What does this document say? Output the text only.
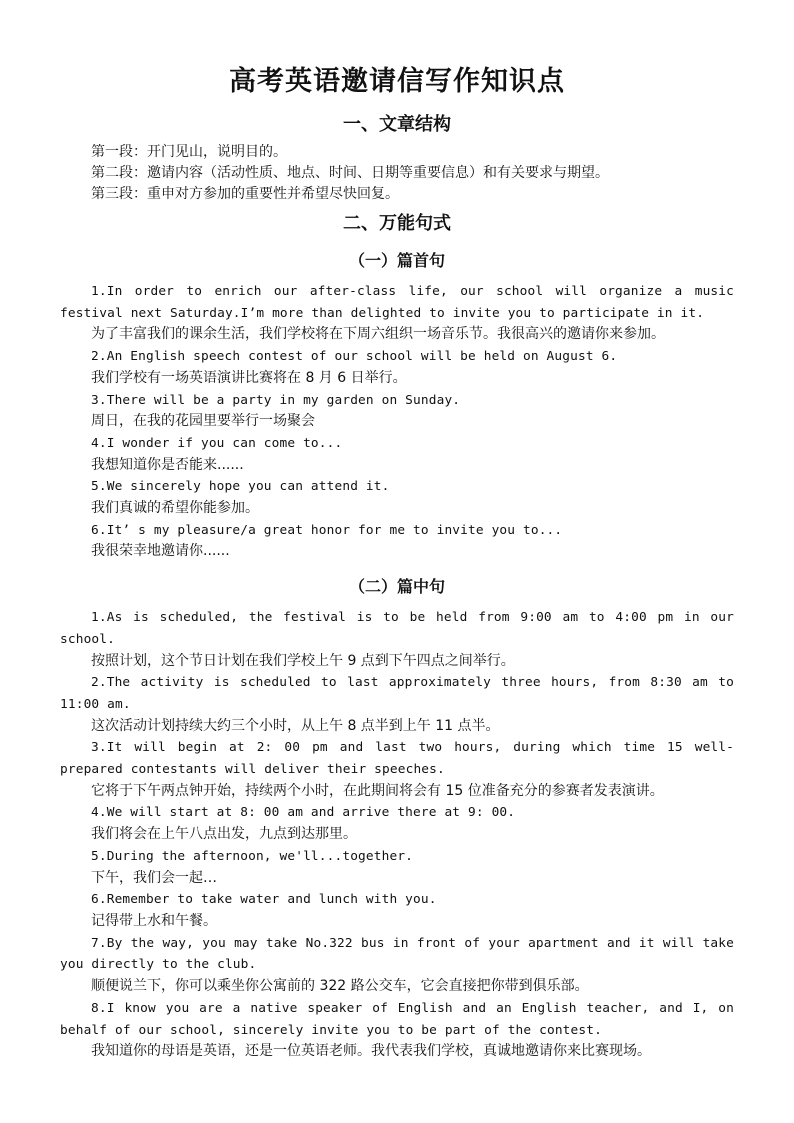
高考英语邀请信写作知识点
一、文章结构

第一段：开门见山，说明目的。

第二段：邀请内容（活动性质、地点、时间、日期等重要信息）和有关要求与期望。

第三段：重申对方参加的重要性并希望尽快回复。

二、万能句式
（一）篇首句

1.In order to enrich our after-class life, our school will organize a music festival next Saturday.I’m more than delighted to invite you to participate in it.

为了丰富我们的课余生活，我们学校将在下周六组织一场音乐节。我很高兴的邀请你来参加。

2.An English speech contest of our school will be held on August 6.

我们学校有一场英语演讲比赛将在 8 月 6 日举行。

3.There will be a party in my garden on Sunday.

周日，在我的花园里要举行一场聚会

4.I wonder if you can come to...

我想知道你是否能来......

5.We sincerely hope you can attend it.

我们真诚的希望你能参加。

6.It’ s my pleasure/a great honor for me to invite you to...

我很荣幸地邀请你......

（二）篇中句

1.As is scheduled, the festival is to be held from 9:00 am to 4:00 pm in our school.

按照计划，这个节日计划在我们学校上午 9 点到下午四点之间举行。

2.The activity is scheduled to last approximately three hours, from 8:30 am to 11:00 am.

这次活动计划持续大约三个小时，从上午 8 点半到上午 11 点半。

3.It will begin at 2: 00 pm and last two hours, during which time 15 well-prepared contestants will deliver their speeches.

它将于下午两点钟开始，持续两个小时，在此期间将会有 15 位准备充分的参赛者发表演讲。

4.We will start at 8: 00 am and arrive there at 9: 00.

我们将会在上午八点出发，九点到达那里。

5.During the afternoon, we'll...together.

下午，我们会一起…

6.Remember to take water and lunch with you.

记得带上水和午餐。

7.By the way, you may take No.322 bus in front of your apartment and it will take you directly to the club.

顺便说兰下，你可以乘坐你公寓前的 322 路公交车，它会直接把你带到俱乐部。

8.I know you are a native speaker of English and an English teacher, and I, on behalf of our school, sincerely invite you to be part of the contest.

我知道你的母语是英语，还是一位英语老师。我代表我们学校，真诚地邀请你来比赛现场。
